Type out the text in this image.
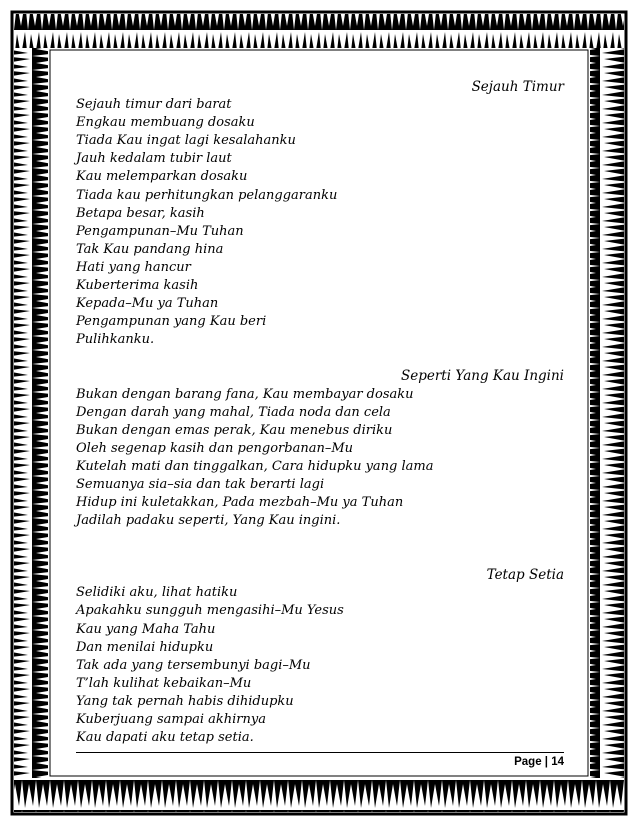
Sejauh Timur
Sejauh timur dari barat
Engkau membuang dosaku
Tiada Kau ingat lagi kesalahanku
Jauh kedalam tubir laut
Kau melemparkan dosaku
Tiada kau perhitungkan pelanggaranku
Betapa besar, kasih
Pengampunan–Mu Tuhan
Tak Kau pandang hina
Hati yang hancur
Kuberterima kasih
Kepada–Mu ya Tuhan
Pengampunan yang Kau beri
Pulihkanku.
Seperti Yang Kau Ingini
Bukan dengan barang fana, Kau membayar dosaku
Dengan darah yang mahal, Tiada noda dan cela
Bukan dengan emas perak, Kau menebus diriku
Oleh segenap kasih dan pengorbanan–Mu
Kutelah mati dan tinggalkan, Cara hidupku yang lama
Semuanya sia–sia dan tak berarti lagi
Hidup ini kuletakkan, Pada mezbah–Mu ya Tuhan
Jadilah padaku seperti, Yang Kau ingini.
Tetap Setia
Selidiki aku, lihat hatiku
Apakahku sungguh mengasihi–Mu Yesus
Kau yang Maha Tahu
Dan menilai hidupku
Tak ada yang tersembunyi bagi–Mu
T’lah kulihat kebaikan–Mu
Yang tak pernah habis dihidupku
Kuberjuang sampai akhirnya
Kau dapati aku tetap setia.
Page | 14
